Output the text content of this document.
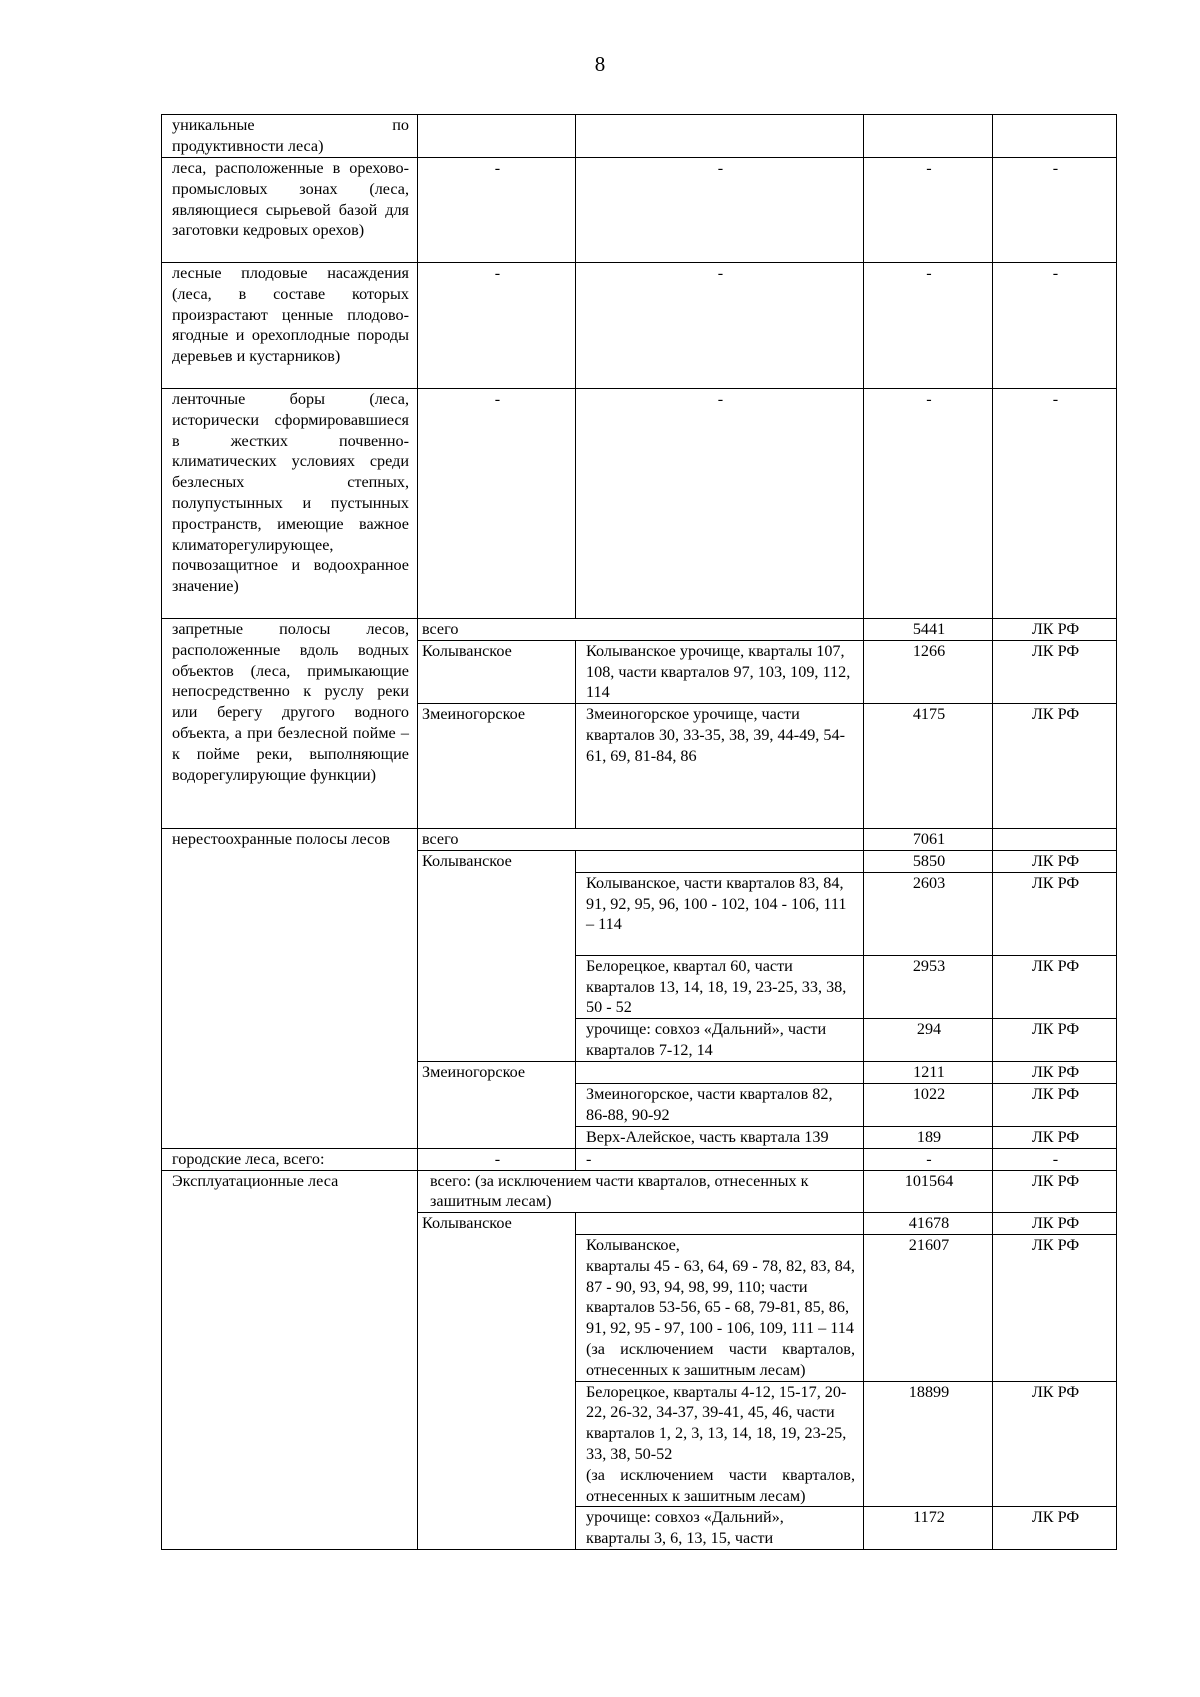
8
уникальные по
продуктивности леса)				

леса, расположенные в орехово-промысловых зонах (леса, являющиеся сырьевой базой для заготовки кедровых орехов)	-	-	-	-
лесные плодовые насаждения (леса, в составе которых произрастают ценные плодово-ягодные и орехоплодные породы деревьев и кустарников)	-	-	-	-
ленточные боры (леса, исторически сформировавшиеся в жестких почвенно-климатических условиях среди безлесных степных, полупустынных и пустынных пространств, имеющие важное климаторегулирующее, почвозащитное и водоохранное значение)	-	-	-	-
запретные полосы лесов, расположенные вдоль водных объектов (леса, примыкающие непосредственно к руслу реки или берегу другого водного объекта, а при безлесной пойме – к пойме реки, выполняющие водорегулирующие функции)	всего		5441	ЛК РФ
	Колыванское	Колыванское урочище, кварталы 107, 108, части кварталов 97, 103, 109, 112, 114	1266	ЛК РФ
	Змеиногорское	Змеиногорское урочище, части кварталов 30, 33-35, 38, 39, 44-49, 54-61, 69, 81-84, 86	4175	ЛК РФ

нерестоохранные полосы лесов	всего		7061	
	Колыванское		5850	ЛК РФ
		Колыванское, части кварталов 83, 84, 91, 92, 95, 96, 100 - 102, 104 - 106, 111 – 114	2603	ЛК РФ
		Белорецкое, квартал 60, части кварталов 13, 14, 18, 19, 23-25, 33, 38, 50 - 52	2953	ЛК РФ
		урочище: совхоз «Дальний», части кварталов 7-12, 14	294	ЛК РФ
	Змеиногорское		1211	ЛК РФ
		Змеиногорское, части кварталов 82, 86-88, 90-92	1022	ЛК РФ
		Верх-Алейское, часть квартала 139	189	ЛК РФ
городские леса, всего:	-	-	-	-
Эксплуатационные леса	всего: (за исключением части кварталов, отнесенных к зашитным лесам)		101564	ЛК РФ
	Колыванское		41678	ЛК РФ

		Колыванское,
кварталы 45 - 63, 64, 69 - 78, 82, 83, 84, 87 - 90, 93, 94, 98, 99, 110; части кварталов 53-56, 65 - 68, 79-81, 85, 86, 91, 92, 95 - 97, 100 - 106, 109, 111 – 114
(за исключением части кварталов, отнесенных к зашитным лесам)	21607	ЛК РФ

		Белорецкое, кварталы 4-12, 15-17, 20-22, 26-32, 34-37, 39-41, 45, 46, части кварталов 1, 2, 3, 13, 14, 18, 19, 23-25, 33, 38, 50-52
(за исключением части кварталов, отнесенных к зашитным лесам)	18899	ЛК РФ

		урочище: совхоз «Дальний», кварталы 3, 6, 13, 15, части	1172	ЛК РФ
